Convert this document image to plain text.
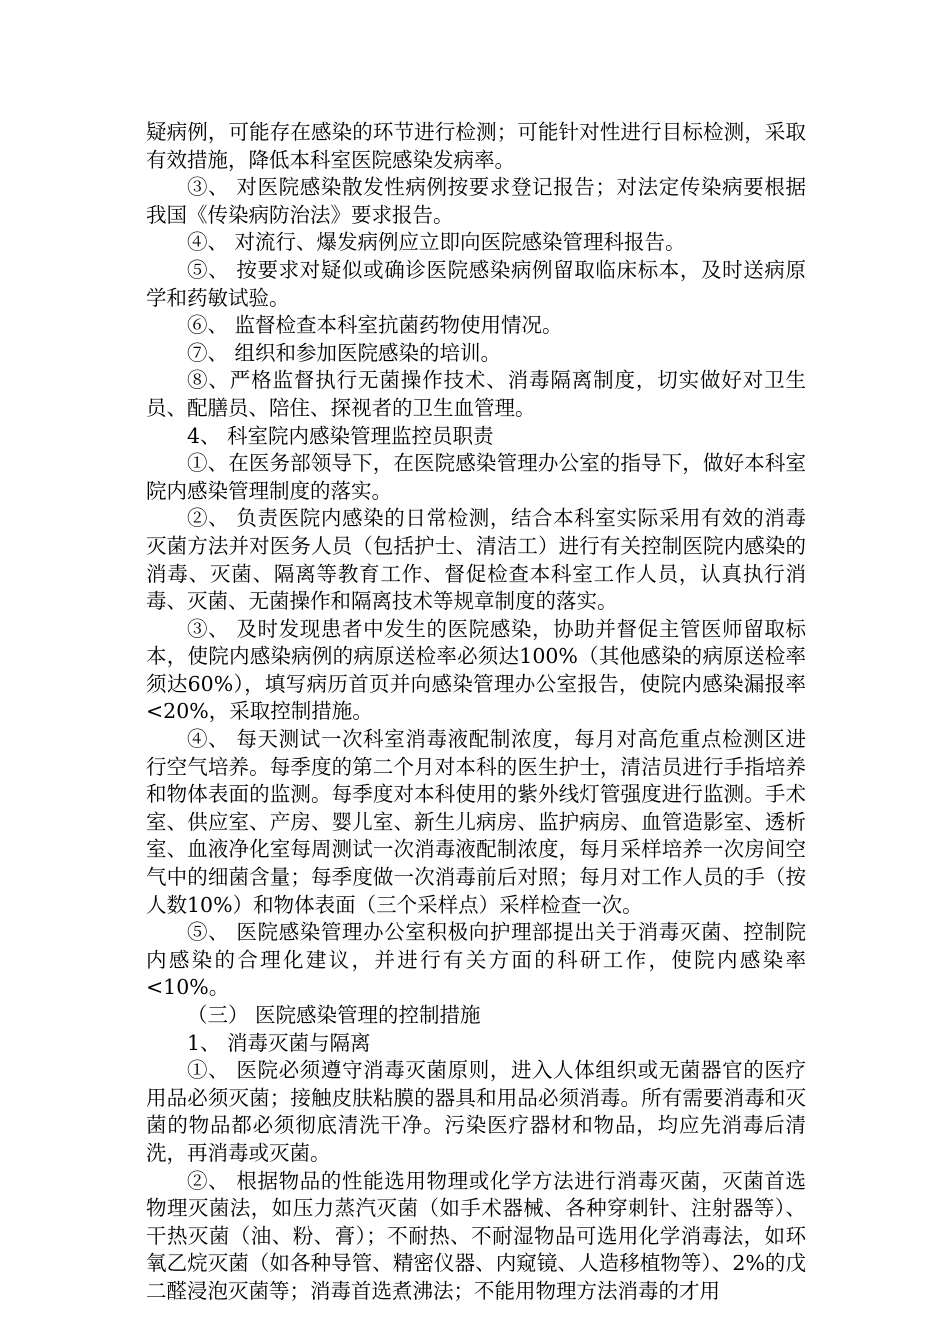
疑病例，可能存在感染的环节进行检测；可能针对性进行目标检测，采取有效措施，降低本科室医院感染发病率。

③、 对医院感染散发性病例按要求登记报告；对法定传染病要根据我国《传染病防治法》要求报告。

④、 对流行、爆发病例应立即向医院感染管理科报告。

⑤、 按要求对疑似或确诊医院感染病例留取临床标本，及时送病原学和药敏试验。

⑥、 监督检查本科室抗菌药物使用情况。

⑦、 组织和参加医院感染的培训。

⑧、严格监督执行无菌操作技术、消毒隔离制度，切实做好对卫生员、配膳员、陪住、探视者的卫生血管理。

4、 科室院内感染管理监控员职责

①、在医务部领导下，在医院感染管理办公室的指导下，做好本科室院内感染管理制度的落实。

②、 负责医院内感染的日常检测，结合本科室实际采用有效的消毒灭菌方法并对医务人员（包括护士、清洁工）进行有关控制医院内感染的消毒、灭菌、隔离等教育工作、督促检查本科室工作人员，认真执行消毒、灭菌、无菌操作和隔离技术等规章制度的落实。

③、 及时发现患者中发生的医院感染，协助并督促主管医师留取标本，使院内感染病例的病原送检率必须达100%（其他感染的病原送检率须达60%），填写病历首页并向感染管理办公室报告，使院内感染漏报率<20%，采取控制措施。

④、 每天测试一次科室消毒液配制浓度，每月对高危重点检测区进行空气培养。每季度的第二个月对本科的医生护士，清洁员进行手指培养和物体表面的监测。每季度对本科使用的紫外线灯管强度进行监测。手术室、供应室、产房、婴儿室、新生儿病房、监护病房、血管造影室、透析室、血液净化室每周测试一次消毒液配制浓度，每月采样培养一次房间空气中的细菌含量；每季度做一次消毒前后对照；每月对工作人员的手（按人数10%）和物体表面（三个采样点）采样检查一次。

⑤、 医院感染管理办公室积极向护理部提出关于消毒灭菌、控制院内感染的合理化建议，并进行有关方面的科研工作，使院内感染率<10%。

（三） 医院感染管理的控制措施

1、 消毒灭菌与隔离

①、 医院必须遵守消毒灭菌原则，进入人体组织或无菌器官的医疗用品必须灭菌；接触皮肤粘膜的器具和用品必须消毒。所有需要消毒和灭菌的物品都必须彻底清洗干净。污染医疗器材和物品，均应先消毒后清洗，再消毒或灭菌。

②、 根据物品的性能选用物理或化学方法进行消毒灭菌，灭菌首选物理灭菌法，如压力蒸汽灭菌（如手术器械、各种穿刺针、注射器等）、干热灭菌（油、粉、膏）；不耐热、不耐湿物品可选用化学消毒法，如环氧乙烷灭菌（如各种导管、精密仪器、内窥镜、人造移植物等）、2%的戊二醛浸泡灭菌等；消毒首选煮沸法；不能用物理方法消毒的才用
